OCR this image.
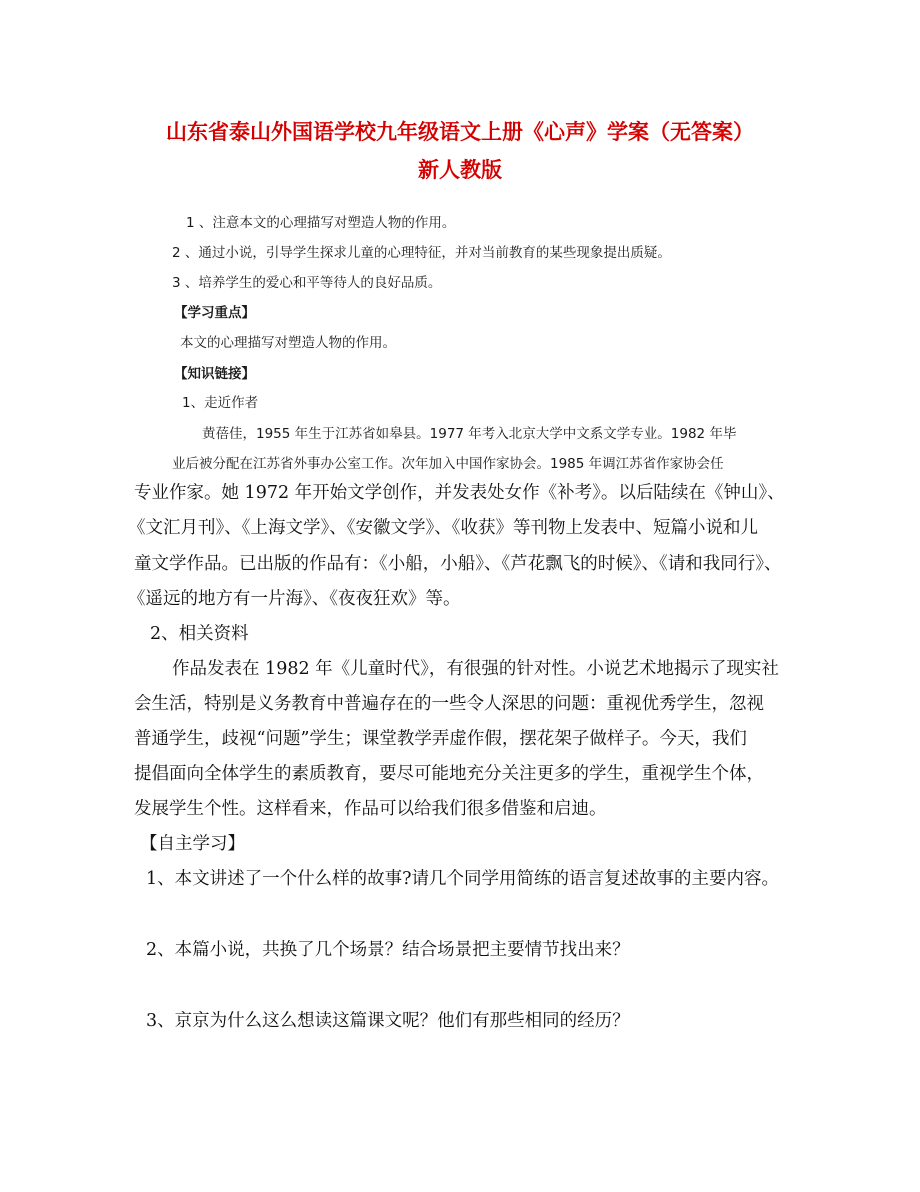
山东省泰山外国语学校九年级语文上册《心声》学案（无答案）
新人教版
1 、注意本文的心理描写对塑造人物的作用。
2 、通过小说，引导学生探求儿童的心理特征，并对当前教育的某些现象提出质疑。
3 、培养学生的爱心和平等待人的良好品质。
【学习重点】
本文的心理描写对塑造人物的作用。
【知识链接】
1、走近作者
黄蓓佳，1955 年生于江苏省如皋县。1977 年考入北京大学中文系文学专业。1982 年毕
业后被分配在江苏省外事办公室工作。次年加入中国作家协会。1985 年调江苏省作家协会任
专业作家。她 1972 年开始文学创作，并发表处女作《补考》。以后陆续在《钟山》、
《文汇月刊》、《上海文学》、《安徽文学》、《收获》等刊物上发表中、短篇小说和儿
童文学作品。已出版的作品有：《小船，小船》、《芦花飘飞的时候》、《请和我同行》、
《遥远的地方有一片海》、《夜夜狂欢》等。
2、相关资料
作品发表在 1982 年《儿童时代》，有很强的针对性。小说艺术地揭示了现实社
会生活，特别是义务教育中普遍存在的一些令人深思的问题：重视优秀学生，忽视
普通学生，歧视“问题”学生；课堂教学弄虚作假，摆花架子做样子。今天，我们
提倡面向全体学生的素质教育，要尽可能地充分关注更多的学生，重视学生个体，
发展学生个性。这样看来，作品可以给我们很多借鉴和启迪。
【自主学习】
1、本文讲述了一个什么样的故事?请几个同学用简练的语言复述故事的主要内容。
2、本篇小说，共换了几个场景？结合场景把主要情节找出来？
3、京京为什么这么想读这篇课文呢？他们有那些相同的经历？
